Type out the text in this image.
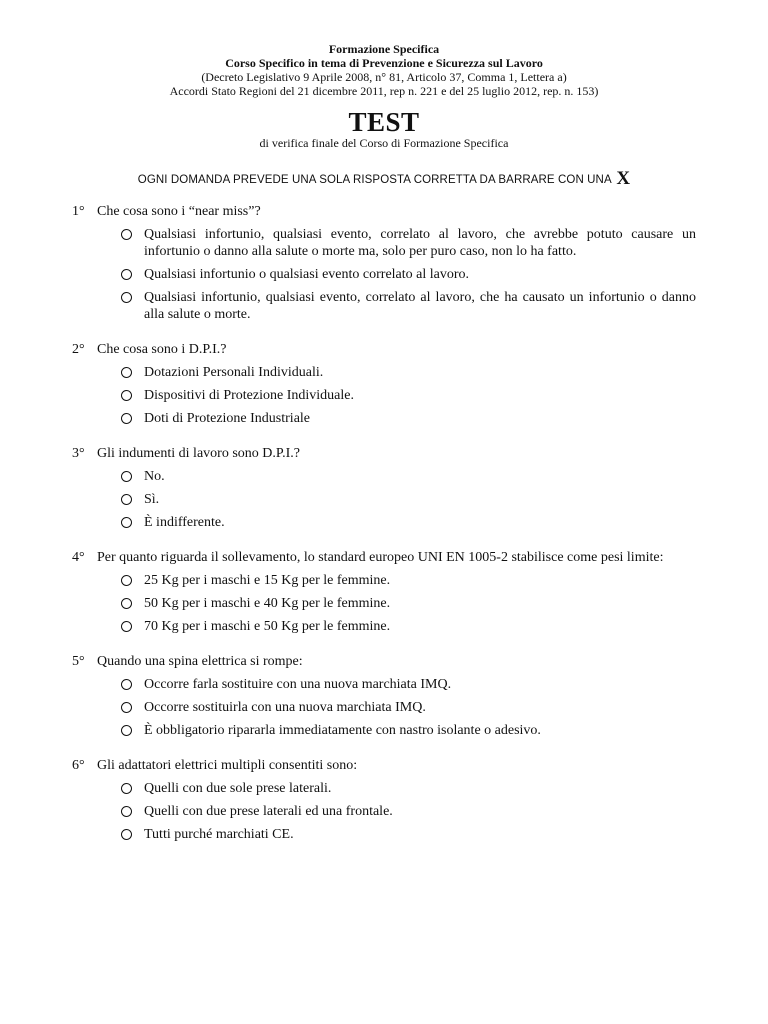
Formazione Specifica
Corso Specifico in tema di Prevenzione e Sicurezza sul Lavoro
(Decreto Legislativo 9 Aprile 2008, n° 81, Articolo 37, Comma 1, Lettera a)
Accordi Stato Regioni del 21 dicembre 2011, rep n. 221 e del 25 luglio 2012, rep. n. 153)
TEST
di verifica finale del Corso di Formazione Specifica
OGNI DOMANDA PREVEDE UNA SOLA RISPOSTA CORRETTA DA BARRARE CON UNA X
1° Che cosa sono i “near miss”?
Qualsiasi infortunio, qualsiasi evento, correlato al lavoro, che avrebbe potuto causare un infortunio o danno alla salute o morte ma, solo per puro caso, non lo ha fatto.
Qualsiasi infortunio o qualsiasi evento correlato al lavoro.
Qualsiasi infortunio, qualsiasi evento, correlato al lavoro, che ha causato un infortunio o danno alla salute o morte.
2° Che cosa sono i D.P.I.?
Dotazioni Personali Individuali.
Dispositivi di Protezione Individuale.
Doti di Protezione Industriale
3° Gli indumenti di lavoro sono D.P.I.?
No.
Sì.
È indifferente.
4° Per quanto riguarda il sollevamento, lo standard europeo UNI EN 1005-2 stabilisce come pesi limite:
25 Kg per i maschi e 15 Kg per le femmine.
50 Kg per i maschi e 40 Kg per le femmine.
70 Kg per i maschi e 50 Kg per le femmine.
5° Quando una spina elettrica si rompe:
Occorre farla sostituire con una nuova marchiata IMQ.
Occorre sostituirla con una nuova marchiata IMQ.
È obbligatorio ripararla immediatamente con nastro isolante o adesivo.
6° Gli adattatori elettrici multipli consentiti sono:
Quelli con due sole prese laterali.
Quelli con due prese laterali ed una frontale.
Tutti purché marchiati CE.
